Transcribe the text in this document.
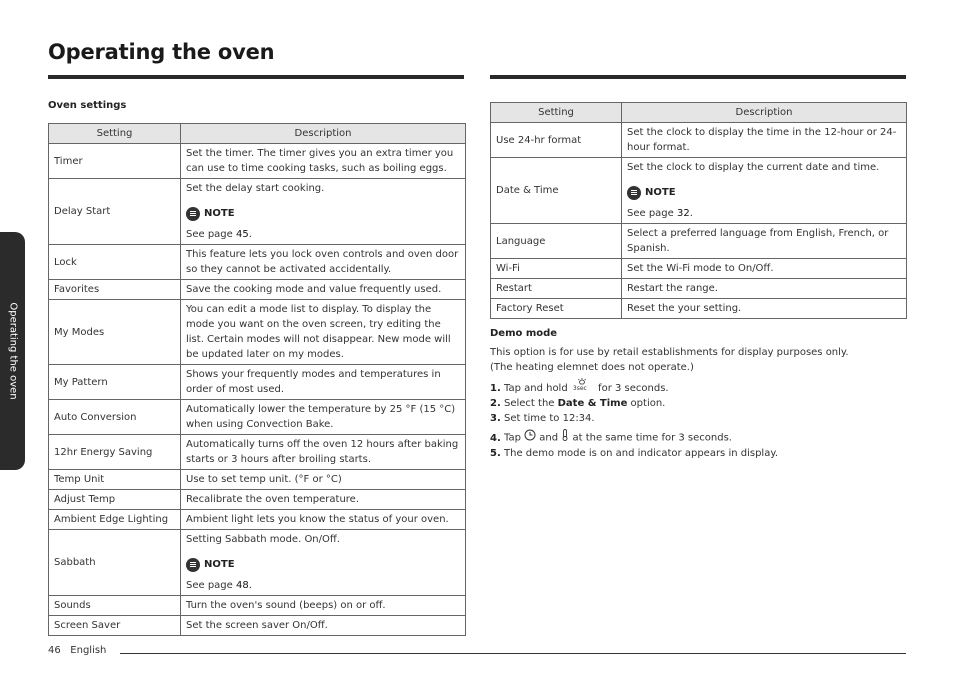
Operating the oven
Operating the oven
Oven settings
Setting	Description
Timer	Set the timer. The timer gives you an extra timer you can use to time cooking tasks, such as boiling eggs.

Delay Start	Set the delay start cooking.
NOTE
See page 45.

Lock	This feature lets you lock oven controls and oven door so they cannot be activated accidentally.

Favorites	Save the cooking mode and value frequently used.

My Modes	You can edit a mode list to display. To display the mode you want on the oven screen, try editing the list. Certain modes will not disappear. New mode will be updated later on my modes.

My Pattern	Shows your frequently modes and temperatures in order of most used.

Auto Conversion	Automatically lower the temperature by 25 °F (15 °C) when using Convection Bake.

12hr Energy Saving	Automatically turns off the oven 12 hours after baking starts or 3 hours after broiling starts.

Temp Unit	Use to set temp unit. (°F or °C)

Adjust Temp	Recalibrate the oven temperature.

Ambient Edge Lighting	Ambient light lets you know the status of your oven.

Sabbath	Setting Sabbath mode. On/Off.
NOTE
See page 48.

Sounds	Turn the oven's sound (beeps) on or off.

Screen Saver	Set the screen saver On/Off.
Setting	Description
Use 24-hr format	Set the clock to display the time in the 12-hour or 24-hour format.

Date & Time	Set the clock to display the current date and time.
NOTE
See page 32.

Language	Select a preferred language from English, French, or Spanish.

Wi-Fi	Set the Wi-Fi mode to On/Off.

Restart	Restart the range.

Factory Reset	Reset the your setting.
Demo mode

This option is for use by retail establishments for display purposes only.

(The heating elemnet does not operate.)

1. Tap and hold 3sec for 3 seconds.
2. Select the Date & Time option.
3. Set time to 12:34.
4. Tap  and  at the same time for 3 seconds.
5. The demo mode is on and indicator appears in display.
46 English
